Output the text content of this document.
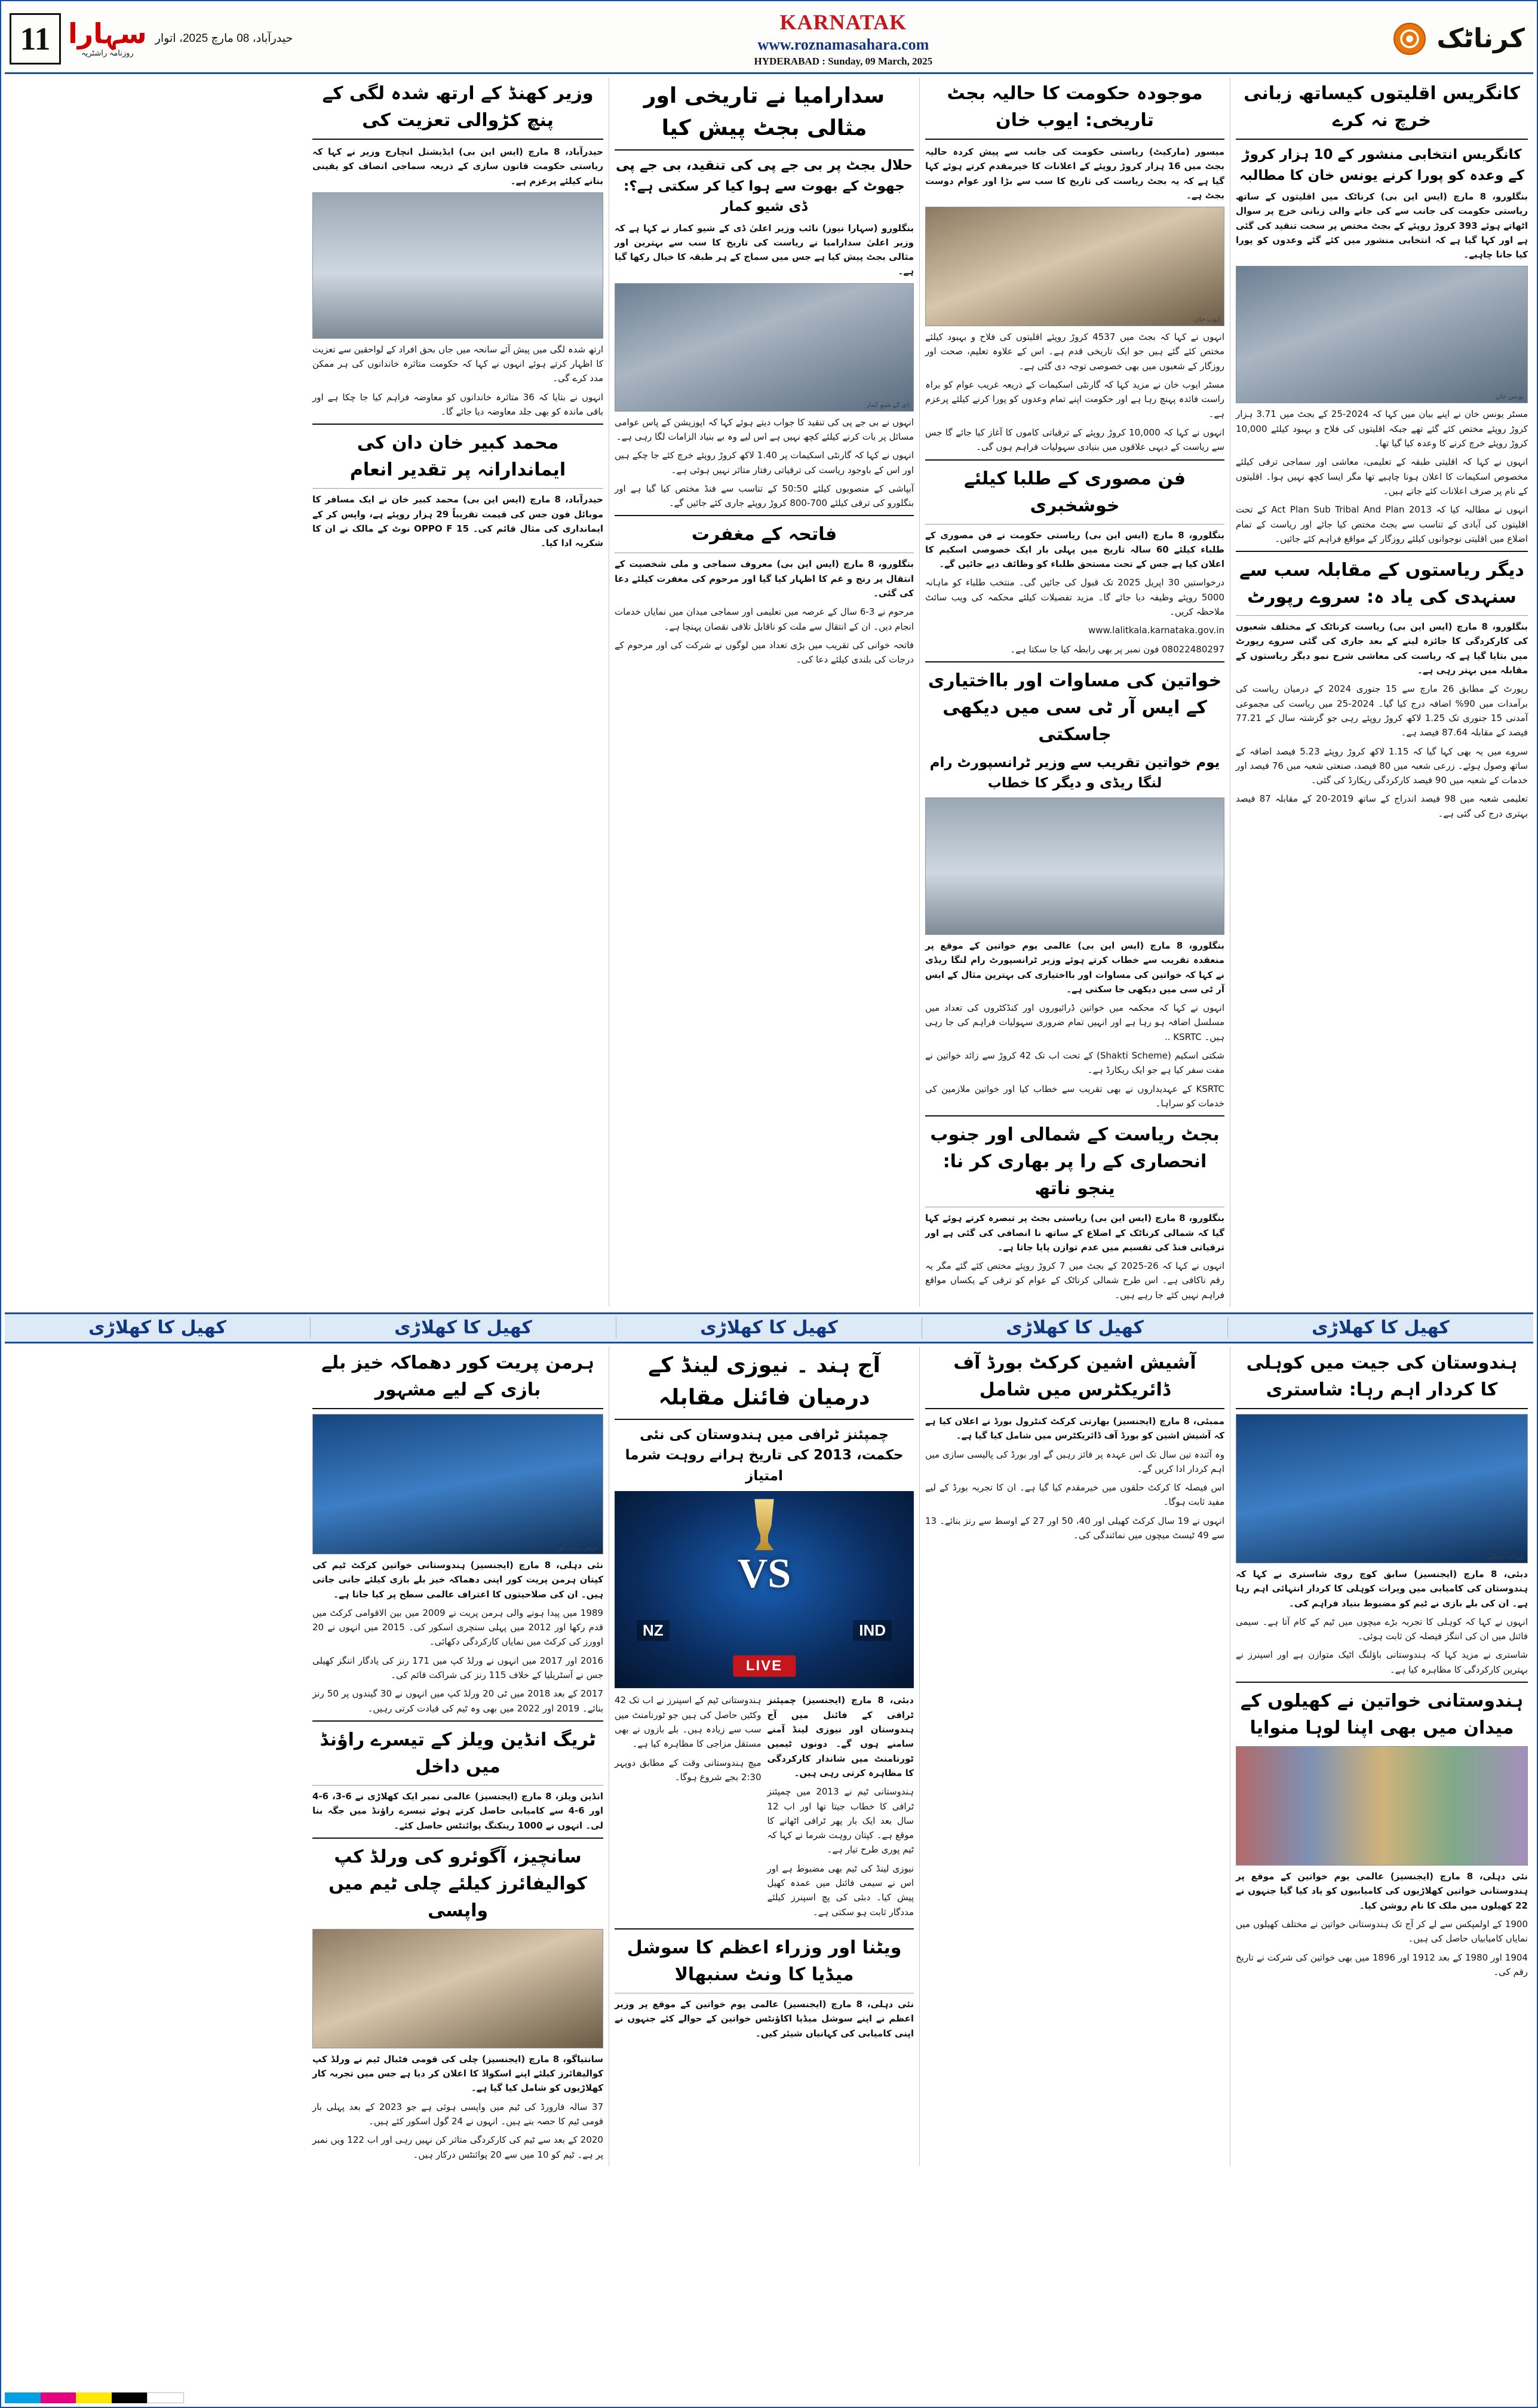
11 سہارا
روزنامہ راشٹریہ
حیدرآباد، 08 مارچ 2025، اتوار
KARNATAK
www.roznamasahara.com
HYDERABAD : Sunday, 09 March, 2025
کرناٹک
کانگریس اقلیتوں کیساتھ زبانی خرچ نہ کرے
کانگریس انتخابی منشور کے 10 ہزار کروڑ کے وعدہ کو پورا کرنے یونس خان کا مطالبہ

بنگلورو، 8 مارچ (ایس این بی) کرناٹک میں اقلیتوں کے ساتھ ریاستی حکومت کی جانب سے کی جانے والی زبانی خرچ پر سوال اٹھاتے ہوئے 393 کروڑ روپئے کے بجٹ مختص پر سخت تنقید کی گئی ہے اور کہا گیا ہے کہ انتخابی منشور میں کئے گئے وعدوں کو پورا کیا جانا چاہیے۔

یونس خان

مسٹر یونس خان نے اپنے بیان میں کہا کہ 2024-25 کے بجٹ میں 3.71 ہزار کروڑ روپئے مختص کئے گئے تھے جبکہ اقلیتوں کی فلاح و بہبود کیلئے 10,000 کروڑ روپئے خرچ کرنے کا وعدہ کیا گیا تھا۔

انہوں نے کہا کہ اقلیتی طبقہ کے تعلیمی، معاشی اور سماجی ترقی کیلئے مخصوص اسکیمات کا اعلان ہونا چاہیے تھا مگر ایسا کچھ نہیں ہوا۔ اقلیتوں کے نام پر صرف اعلانات کئے جاتے ہیں۔

انہوں نے مطالبہ کیا کہ Act Plan Sub Tribal And Plan 2013 کے تحت اقلیتوں کی آبادی کے تناسب سے بجٹ مختص کیا جائے اور ریاست کے تمام اضلاع میں اقلیتی نوجوانوں کیلئے روزگار کے مواقع فراہم کئے جائیں۔

دیگر ریاستوں کے مقابلہ سب سے سنہدی کی یاد ہ: سروے رپورٹ

بنگلورو، 8 مارچ (ایس این بی) ریاست کرناٹک کے مختلف شعبوں کی کارکردگی کا جائزہ لینے کے بعد جاری کی گئی سروے رپورٹ میں بتایا گیا ہے کہ ریاست کی معاشی شرح نمو دیگر ریاستوں کے مقابلہ میں بہتر رہی ہے۔

رپورٹ کے مطابق 26 مارچ سے 15 جنوری 2024 کے درمیان ریاست کی برآمدات میں 90% اضافہ درج کیا گیا۔ 2024-25 میں ریاست کی مجموعی آمدنی 15 جنوری تک 1.25 لاکھ کروڑ روپئے رہی جو گزشتہ سال کے 77.21 فیصد کے مقابلہ 87.64 فیصد ہے۔

سروے میں یہ بھی کہا گیا کہ 1.15 لاکھ کروڑ روپئے 5.23 فیصد اضافہ کے ساتھ وصول ہوئے۔ زرعی شعبہ میں 80 فیصد، صنعتی شعبہ میں 76 فیصد اور خدمات کے شعبہ میں 90 فیصد کارکردگی ریکارڈ کی گئی۔

تعلیمی شعبہ میں 98 فیصد اندراج کے ساتھ 2019-20 کے مقابلہ 87 فیصد بہتری درج کی گئی ہے۔

موجودہ حکومت کا حالیہ بجٹ تاریخی: ایوب خان

میسور (مارکیٹ) ریاستی حکومت کی جانب سے پیش کردہ حالیہ بجٹ میں 16 ہزار کروڑ روپئے کے اعلانات کا خیرمقدم کرتے ہوئے کہا گیا ہے کہ یہ بجٹ ریاست کی تاریخ کا سب سے بڑا اور عوام دوست بجٹ ہے۔

ایوب خان

انہوں نے کہا کہ بجٹ میں 4537 کروڑ روپئے اقلیتوں کی فلاح و بہبود کیلئے مختص کئے گئے ہیں جو ایک تاریخی قدم ہے۔ اس کے علاوہ تعلیم، صحت اور روزگار کے شعبوں میں بھی خصوصی توجہ دی گئی ہے۔

مسٹر ایوب خان نے مزید کہا کہ گارنٹی اسکیمات کے ذریعہ غریب عوام کو براہ راست فائدہ پہنچ رہا ہے اور حکومت اپنے تمام وعدوں کو پورا کرنے کیلئے پرعزم ہے۔

انہوں نے کہا کہ 10,000 کروڑ روپئے کے ترقیاتی کاموں کا آغاز کیا جائے گا جس سے ریاست کے دیہی علاقوں میں بنیادی سہولیات فراہم ہوں گی۔

فن مصوری کے طلبا کیلئے خوشخبری

بنگلورو، 8 مارچ (ایس این بی) ریاستی حکومت نے فن مصوری کے طلباء کیلئے 60 سالہ تاریخ میں پہلی بار ایک خصوصی اسکیم کا اعلان کیا ہے جس کے تحت مستحق طلباء کو وظائف دیے جائیں گے۔

درخواستیں 30 اپریل 2025 تک قبول کی جائیں گی۔ منتخب طلباء کو ماہانہ 5000 روپئے وظیفہ دیا جائے گا۔ مزید تفصیلات کیلئے محکمہ کی ویب سائٹ ملاحظہ کریں۔

www.lalitkala.karnataka.gov.in

08022480297 فون نمبر پر بھی رابطہ کیا جا سکتا ہے۔

خواتین کی مساوات اور بااختیاری کے ایس آر ٹی سی میں دیکھی جاسکتی
یوم خواتین تقریب سے وزیر ٹرانسپورٹ رام لنگا ریڈی و دیگر کا خطاب

بنگلورو، 8 مارچ (ایس این بی) عالمی یوم خواتین کے موقع پر منعقدہ تقریب سے خطاب کرتے ہوئے وزیر ٹرانسپورٹ رام لنگا ریڈی نے کہا کہ خواتین کی مساوات اور بااختیاری کی بہترین مثال کے ایس آر ٹی سی میں دیکھی جا سکتی ہے۔

انہوں نے کہا کہ محکمہ میں خواتین ڈرائیوروں اور کنڈکٹروں کی تعداد میں مسلسل اضافہ ہو رہا ہے اور انہیں تمام ضروری سہولیات فراہم کی جا رہی ہیں۔ KSRTC ..

شکتی اسکیم (Shakti Scheme) کے تحت اب تک 42 کروڑ سے زائد خواتین نے مفت سفر کیا ہے جو ایک ریکارڈ ہے۔

KSRTC کے عہدیداروں نے بھی تقریب سے خطاب کیا اور خواتین ملازمین کی خدمات کو سراہا۔

بجٹ ریاست کے شمالی اور جنوب انحصاری کے را پر بھاری کر نا: ینجو ناتھ

بنگلورو، 8 مارچ (ایس این بی) ریاستی بجٹ پر تبصرہ کرتے ہوئے کہا گیا کہ شمالی کرناٹک کے اضلاع کے ساتھ نا انصافی کی گئی ہے اور ترقیاتی فنڈ کی تقسیم میں عدم توازن پایا جاتا ہے۔

انہوں نے کہا کہ 26-2025 کے بجٹ میں 7 کروڑ روپئے مختص کئے گئے مگر یہ رقم ناکافی ہے۔ اس طرح شمالی کرناٹک کے عوام کو ترقی کے یکساں مواقع فراہم نہیں کئے جا رہے ہیں۔

سدارامیا نے تاریخی اور مثالی بجٹ پیش کیا
حلال بجٹ پر بی جے پی کی تنقید، بی جے پی جھوٹ کے بھوت سے ہوا کیا کر سکتی ہے؟: ڈی شیو کمار

بنگلورو (سہارا نیوز) نائب وزیر اعلیٰ ڈی کے شیو کمار نے کہا ہے کہ وزیر اعلیٰ سدارامیا نے ریاست کی تاریخ کا سب سے بہترین اور مثالی بجٹ پیش کیا ہے جس میں سماج کے ہر طبقہ کا خیال رکھا گیا ہے۔

ڈی کے شیو کمار

انہوں نے بی جے پی کی تنقید کا جواب دیتے ہوئے کہا کہ اپوزیشن کے پاس عوامی مسائل پر بات کرنے کیلئے کچھ نہیں ہے اس لیے وہ بے بنیاد الزامات لگا رہی ہے۔

انہوں نے کہا کہ گارنٹی اسکیمات پر 1.40 لاکھ کروڑ روپئے خرچ کئے جا چکے ہیں اور اس کے باوجود ریاست کی ترقیاتی رفتار متاثر نہیں ہوئی ہے۔

آبپاشی کے منصوبوں کیلئے 50:50 کے تناسب سے فنڈ مختص کیا گیا ہے اور بنگلورو کی ترقی کیلئے 700-800 کروڑ روپئے جاری کئے جائیں گے۔

فاتحہ کے مغفرت

بنگلورو، 8 مارچ (ایس این بی) معروف سماجی و ملی شخصیت کے انتقال پر رنج و غم کا اظہار کیا گیا اور مرحوم کی مغفرت کیلئے دعا کی گئی۔

مرحوم نے 3-6 سال کے عرصہ میں تعلیمی اور سماجی میدان میں نمایاں خدمات انجام دیں۔ ان کے انتقال سے ملت کو ناقابل تلافی نقصان پہنچا ہے۔

فاتحہ خوانی کی تقریب میں بڑی تعداد میں لوگوں نے شرکت کی اور مرحوم کے درجات کی بلندی کیلئے دعا کی۔

وزیر کھنڈ کے ارتھ شدہ لگی کے پنچ کڑوالی تعزیت کی

حیدرآباد، 8 مارچ (ایس این بی) ایڈیشنل انچارج وزیر نے کہا کہ ریاستی حکومت قانون سازی کے ذریعہ سماجی انصاف کو یقینی بنانے کیلئے پرعزم ہے۔

ارتھ شدہ لگی میں پیش آئے سانحہ میں جاں بحق افراد کے لواحقین سے تعزیت کا اظہار کرتے ہوئے انہوں نے کہا کہ حکومت متاثرہ خاندانوں کی ہر ممکن مدد کرے گی۔

انہوں نے بتایا کہ 36 متاثرہ خاندانوں کو معاوضہ فراہم کیا جا چکا ہے اور باقی ماندہ کو بھی جلد معاوضہ دیا جائے گا۔

محمد کبیر خان دان کی ایماندارانہ پر تقدیر انعام

حیدرآباد، 8 مارچ (ایس این بی) محمد کبیر خان نے ایک مسافر کا موبائل فون جس کی قیمت تقریباً 29 ہزار روپئے ہے، واپس کر کے ایمانداری کی مثال قائم کی۔ OPPO F 15 نوٹ کے مالک نے ان کا شکریہ ادا کیا۔

کھیل کا کھلاڑی
کھیل کا کھلاڑی
کھیل کا کھلاڑی
کھیل کا کھلاڑی
کھیل کا کھلاڑی
ہندوستان کی جیت میں کوہلی کا کردار اہم رہا: شاستری
ویرات کوہلی

دبئی، 8 مارچ (ایجنسیز) سابق کوچ روی شاستری نے کہا کہ ہندوستان کی کامیابی میں ویرات کوہلی کا کردار انتہائی اہم رہا ہے۔ ان کی بلے بازی نے ٹیم کو مضبوط بنیاد فراہم کی۔

انہوں نے کہا کہ کوہلی کا تجربہ بڑے میچوں میں ٹیم کے کام آتا ہے۔ سیمی فائنل میں ان کی اننگز فیصلہ کن ثابت ہوئی۔

شاستری نے مزید کہا کہ ہندوستانی باؤلنگ اٹیک متوازن ہے اور اسپنرز نے بہترین کارکردگی کا مظاہرہ کیا ہے۔

ہندوستانی خواتین نے کھیلوں کے میدان میں بھی اپنا لوہا منوایا

نئی دہلی، 8 مارچ (ایجنسیز) عالمی یوم خواتین کے موقع پر ہندوستانی خواتین کھلاڑیوں کی کامیابیوں کو یاد کیا گیا جنہوں نے 22 کھیلوں میں ملک کا نام روشن کیا۔

1900 کے اولمپکس سے لے کر آج تک ہندوستانی خواتین نے مختلف کھیلوں میں نمایاں کامیابیاں حاصل کی ہیں۔

1904 اور 1980 کے بعد 1912 اور 1896 میں بھی خواتین کی شرکت نے تاریخ رقم کی۔

آشیش اشین کرکٹ بورڈ آف ڈائریکٹرس میں شامل

ممبئی، 8 مارچ (ایجنسیز) بھارتی کرکٹ کنٹرول بورڈ نے اعلان کیا ہے کہ آشیش اشین کو بورڈ آف ڈائریکٹرس میں شامل کیا گیا ہے۔

وہ آئندہ تین سال تک اس عہدہ پر فائز رہیں گے اور بورڈ کی پالیسی سازی میں اہم کردار ادا کریں گے۔

اس فیصلہ کا کرکٹ حلقوں میں خیرمقدم کیا گیا ہے۔ ان کا تجربہ بورڈ کے لیے مفید ثابت ہوگا۔

انہوں نے 19 سال کرکٹ کھیلی اور 40، 50 اور 27 کے اوسط سے رنز بنائے۔ 13 سے 49 ٹیسٹ میچوں میں نمائندگی کی۔

آج ہند ۔ نیوزی لینڈ کے درمیان فائنل مقابلہ
چمپئنز ٹرافی میں ہندوستان کی نئی حکمت، 2013 کی تاریخ ہرانے روہت شرما امتیاز
VS
NZ	IND
LIVE

دبئی، 8 مارچ (ایجنسیز) چمپئنز ٹرافی کے فائنل میں آج ہندوستان اور نیوزی لینڈ آمنے سامنے ہوں گے۔ دونوں ٹیمیں ٹورنامنٹ میں شاندار کارکردگی کا مظاہرہ کرتی رہی ہیں۔

ہندوستانی ٹیم نے 2013 میں چمپئنز ٹرافی کا خطاب جیتا تھا اور اب 12 سال بعد ایک بار پھر ٹرافی اٹھانے کا موقع ہے۔ کپتان روہت شرما نے کہا کہ ٹیم پوری طرح تیار ہے۔

نیوزی لینڈ کی ٹیم بھی مضبوط ہے اور اس نے سیمی فائنل میں عمدہ کھیل پیش کیا۔ دبئی کی پچ اسپنرز کیلئے مددگار ثابت ہو سکتی ہے۔

ہندوستانی ٹیم کے اسپنرز نے اب تک 42 وکٹیں حاصل کی ہیں جو ٹورنامنٹ میں سب سے زیادہ ہیں۔ بلے بازوں نے بھی مستقل مزاجی کا مظاہرہ کیا ہے۔

میچ ہندوستانی وقت کے مطابق دوپہر 2:30 بجے شروع ہوگا۔

ویٹنا اور وزراء اعظم کا سوشل میڈیا کا ونٹ سنبھالا

نئی دہلی، 8 مارچ (ایجنسیز) عالمی یوم خواتین کے موقع پر وزیر اعظم نے اپنے سوشل میڈیا اکاؤنٹس خواتین کے حوالے کئے جنہوں نے اپنی کامیابی کی کہانیاں شیئر کیں۔

ہرمن پریت کور دھماکہ خیز بلے بازی کے لیے مشہور
ہرمن پریت کور

نئی دہلی، 8 مارچ (ایجنسیز) ہندوستانی خواتین کرکٹ ٹیم کی کپتان ہرمن پریت کور اپنی دھماکہ خیز بلے بازی کیلئے جانی جاتی ہیں۔ ان کی صلاحیتوں کا اعتراف عالمی سطح پر کیا جاتا ہے۔

1989 میں پیدا ہونے والی ہرمن پریت نے 2009 میں بین الاقوامی کرکٹ میں قدم رکھا اور 2012 میں پہلی سنچری اسکور کی۔ 2015 میں انہوں نے 20 اوورز کی کرکٹ میں نمایاں کارکردگی دکھائی۔

2016 اور 2017 میں انہوں نے ورلڈ کپ میں 171 رنز کی یادگار اننگز کھیلی جس نے آسٹریلیا کے خلاف 115 رنز کی شراکت قائم کی۔

2017 کے بعد 2018 میں ٹی 20 ورلڈ کپ میں انہوں نے 30 گیندوں پر 50 رنز بنائے۔ 2019 اور 2022 میں بھی وہ ٹیم کی قیادت کرتی رہیں۔

ٹریگ انڈین ویلز کے تیسرے راؤنڈ میں داخل

انڈین ویلز، 8 مارچ (ایجنسیز) عالمی نمبر ایک کھلاڑی نے 6-3، 6-4 اور 6-4 سے کامیابی حاصل کرتے ہوئے تیسرے راؤنڈ میں جگہ بنا لی۔ انہوں نے 1000 رینکنگ پوائنٹس حاصل کئے۔

سانچیز، آگوئرو کی ورلڈ کپ کوالیفائرز کیلئے چلی ٹیم میں واپسی

سانتیاگو، 8 مارچ (ایجنسیز) چلی کی قومی فٹبال ٹیم نے ورلڈ کپ کوالیفائرز کیلئے اپنے اسکواڈ کا اعلان کر دیا ہے جس میں تجربہ کار کھلاڑیوں کو شامل کیا گیا ہے۔

37 سالہ فارورڈ کی ٹیم میں واپسی ہوئی ہے جو 2023 کے بعد پہلی بار قومی ٹیم کا حصہ بنے ہیں۔ انہوں نے 24 گول اسکور کئے ہیں۔

2020 کے بعد سے ٹیم کی کارکردگی متاثر کن نہیں رہی اور اب 122 ویں نمبر پر ہے۔ ٹیم کو 10 میں سے 20 پوائنٹس درکار ہیں۔
